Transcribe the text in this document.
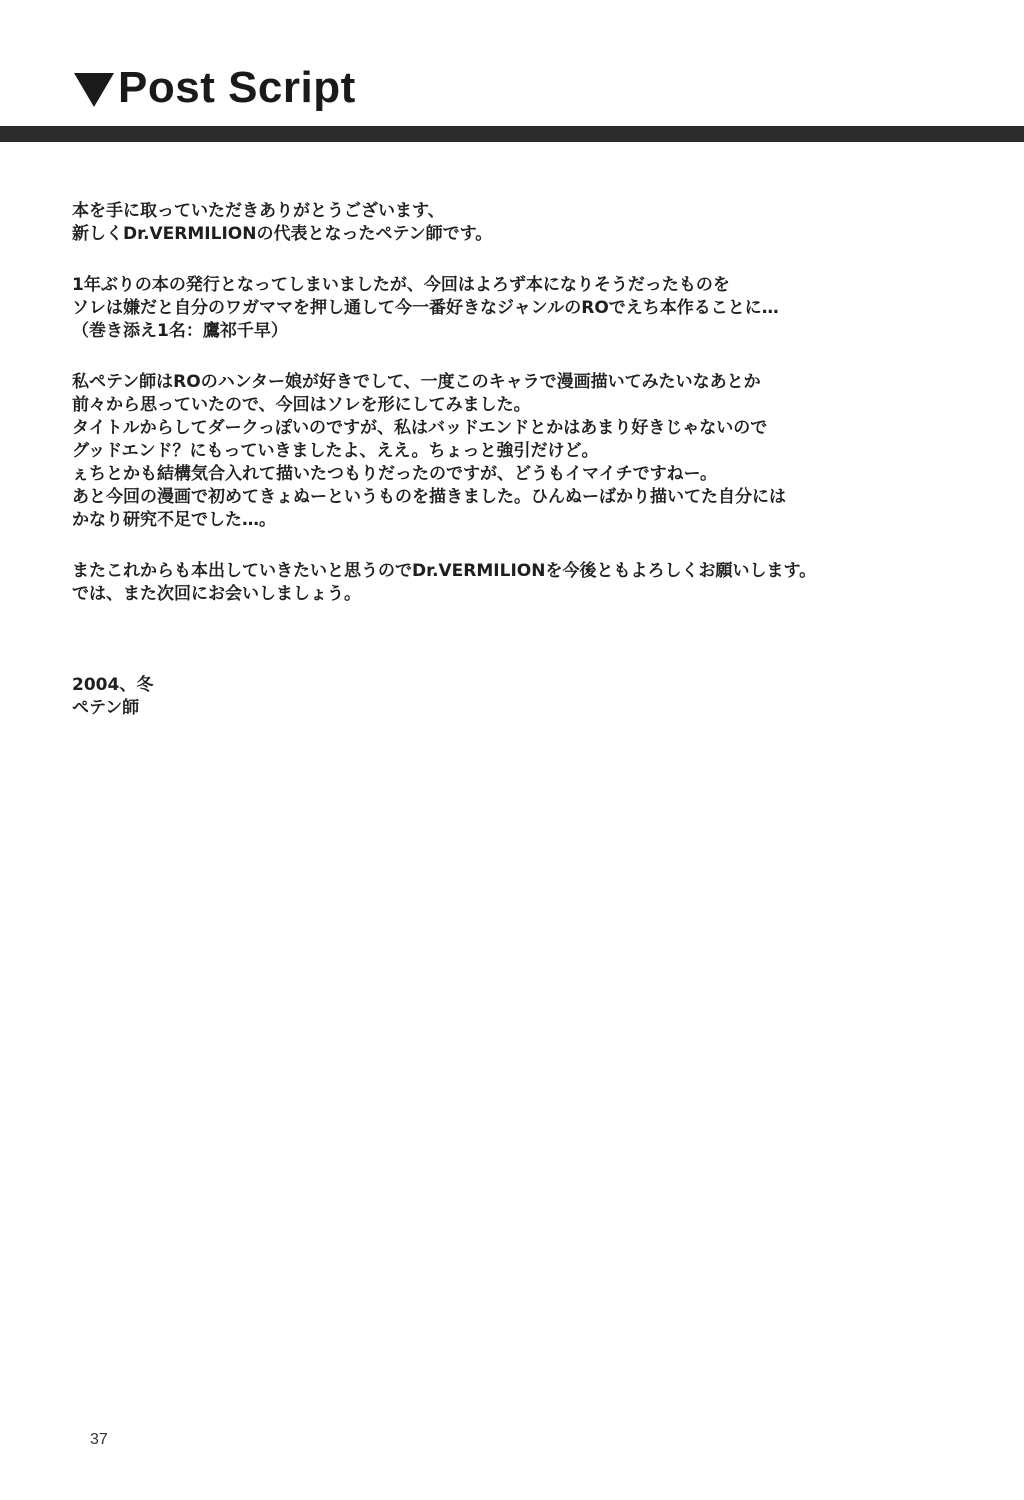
Post Script
本を手に取っていただきありがとうございます、
新しくDr.VERMILIONの代表となったペテン師です。
1年ぶりの本の発行となってしまいましたが、今回はよろず本になりそうだったものを
ソレは嫌だと自分のワガママを押し通して今一番好きなジャンルのROでえち本作ることに…
（巻き添え1名：鷹祁千早）
私ペテン師はROのハンター娘が好きでして、一度このキャラで漫画描いてみたいなあとか
前々から思っていたので、今回はソレを形にしてみました。
タイトルからしてダークっぽいのですが、私はバッドエンドとかはあまり好きじゃないので
グッドエンド？にもっていきましたよ、ええ。ちょっと強引だけど。
ぇちとかも結構気合入れて描いたつもりだったのですが、どうもイマイチですねー。
あと今回の漫画で初めてきょぬーというものを描きました。ひんぬーばかり描いてた自分には
かなり研究不足でした…。
またこれからも本出していきたいと思うのでDr.VERMILIONを今後ともよろしくお願いします。
では、また次回にお会いしましょう。
2004、冬
ペテン師
37
